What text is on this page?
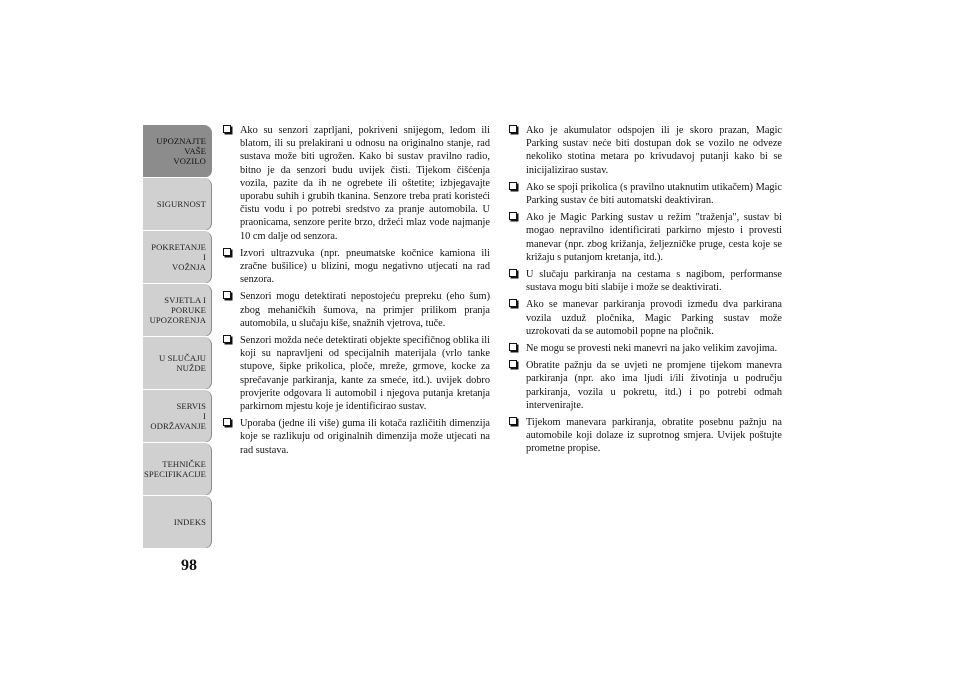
UPOZNAJTE
VAŠE
VOZILO
SIGURNOST
POKRETANJE
I
VOŽNJA
SVJETLA I
PORUKE
UPOZORENJA
U SLUČAJU
NUŽDE
SERVIS
I
ODRŽAVANJE
TEHNIČKE
SPECIFIKACIJE
INDEKS
98
Ako su senzori zaprljani, pokriveni snijegom, ledom ili blatom, ili su prelakirani u odnosu na originalno stanje, rad sustava može biti ugrožen. Kako bi sustav pravilno radio, bitno je da senzori budu uvijek čisti. Tijekom čišćenja vozila, pazite da ih ne ogrebete ili oštetite; izbjegavajte uporabu suhih i grubih tkanina. Senzore treba prati koristeći čistu vodu i po potrebi sredstvo za pranje automobila. U praonicama, senzore perite brzo, držeći mlaz vode najmanje 10 cm dalje od senzora.
Izvori ultrazvuka (npr. pneumatske kočnice kamiona ili zračne bušilice) u blizini, mogu negativno utjecati na rad senzora.
Senzori mogu detektirati nepostojeću prepreku (eho šum) zbog mehaničkih šumova, na primjer prilikom pranja automobila, u slučaju kiše, snažnih vjetrova, tuče.
Senzori možda neće detektirati objekte specifičnog oblika ili koji su napravljeni od specijalnih materijala (vrlo tanke stupove, šipke prikolica, ploče, mreže, grmove, kocke za sprečavanje parkiranja, kante za smeće, itd.). uvijek dobro provjerite odgovara li automobil i njegova putanja kretanja parkirnom mjestu koje je identificirao sustav.
Uporaba (jedne ili više) guma ili kotača različitih dimenzija koje se razlikuju od originalnih dimenzija može utjecati na rad sustava.
Ako je akumulator odspojen ili je skoro prazan, Magic Parking sustav neće biti dostupan dok se vozilo ne odveze nekoliko stotina metara po krivudavoj putanji kako bi se inicijalizirao sustav.
Ako se spoji prikolica (s pravilno utaknutim utikačem) Magic Parking sustav će biti automatski deaktiviran.
Ako je Magic Parking sustav u režim "traženja", sustav bi mogao nepravilno identificirati parkirno mjesto i provesti manevar (npr. zbog križanja, željezničke pruge, cesta koje se križaju s putanjom kretanja, itd.).
U slučaju parkiranja na cestama s nagibom, performanse sustava mogu biti slabije i može se deaktivirati.
Ako se manevar parkiranja provodi između dva parkirana vozila uzduž pločnika, Magic Parking sustav može uzrokovati da se automobil popne na pločnik.
Ne mogu se provesti neki manevri na jako velikim zavojima.
Obratite pažnju da se uvjeti ne promjene tijekom manevra parkiranja (npr. ako ima ljudi i/ili životinja u području parkiranja, vozila u pokretu, itd.) i po potrebi odmah intervenirajte.
Tijekom manevara parkiranja, obratite posebnu pažnju na automobile koji dolaze iz suprotnog smjera. Uvijek poštujte prometne propise.
